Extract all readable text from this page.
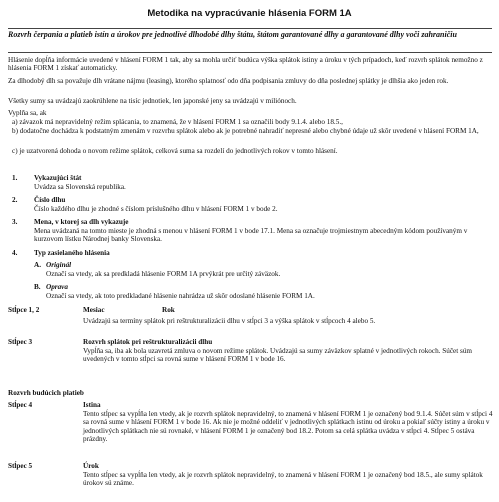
Metodika na vypracúvanie hlásenia FORM 1A
Rozvrh čerpania a platieb istín a úrokov pre jednotlivé dlhodobé dlhy štátu, štátom garantované dlhy a garantované dlhy voči zahraničiu
Hlásenie dopĺňa informácie uvedené v hlásení FORM 1 tak, aby sa mohla určiť budúca výška splátok istiny a úroku v tých prípadoch, keď rozvrh splátok nemožno z hlásenia FORM 1 získať automaticky.
Za dlhodobý dlh sa považuje dlh vrátane nájmu (leasing), ktorého splatnosť odo dňa podpisania zmluvy do dňa poslednej splátky je dlhšia ako jeden rok.
Všetky sumy sa uvádzajú zaokrúhlene na tisíc jednotiek, len japonské jeny sa uvádzajú v miliónoch.
Vyplňa sa, ak
a) závazok má nepravidelný režim splácania, to znamená, že v hlásení FORM 1 sa označili body 9.1.4. alebo 18.5.,
b) dodatočne dochádza k podstatným zmenám v rozvrhu splátok alebo ak je potrebné nahradiť nepresné alebo chybné údaje už skôr uvedené v hlásení FORM 1A,
c) je uzatvorená dohoda o novom režime splátok, celková suma sa rozdelí do jednotlivých rokov v tomto hlásení.
1. Vykazujúci štát
Uvádza sa Slovenská republika.
2. Číslo dlhu
Číslo každého dlhu je zhodné s číslom príslušného dlhu v hlásení FORM 1 v bode 2.
3. Mena, v ktorej sa dlh vykazuje
Mena uvádzaná na tomto mieste je zhodná s menou v hlásení FORM 1 v bode 17.1. Mena sa označuje trojmiestnym abecedným kódom používaným v kurzovom lístku Národnej banky Slovenska.
4. Typ zasielaného hlásenia
A. Originál
Označí sa vtedy, ak sa predkladá hlásenie FORM 1A prvýkrát pre určitý záväzok.
B. Oprava
Označí sa vtedy, ak toto predkladané hlásenie nahrádza už skôr odoslané hlásenie FORM 1A.
Stĺpce 1, 2	Mesiac	Rok
Uvádzajú sa termíny splátok pri reštrukturalizácii dlhu v stĺpci 3 a výška splátok v stĺpcoch 4 alebo 5.
Stĺpec 3	Rozvrh splátok pri reštrukturalizácii dlhu
Vypĺňa sa, iba ak bola uzavretá zmluva o novom režime splátok. Uvádzajú sa sumy záväzkov splatné v jednotlivých rokoch. Súčet súm uvedených v tomto stĺpci sa rovná sume v hlásení FORM 1 v bode 16.
Rozvrh budúcich platieb
Stĺpec 4	Istina
Tento stĺpec sa vypĺňa len vtedy, ak je rozvrh splátok nepravidelný, to znamená v hlásení FORM 1 je označený bod 9.1.4. Súčet súm v stĺpci 4 sa rovná sume v hlásení FORM 1 v bode 16. Ak nie je možné oddeliť v jednotlivých splátkach istinu od úroku a pokiaľ súčty istiny a úroku v jednotlivých splátkach nie sú rovnaké, v hlásení FORM 1 je označený bod 18.2. Potom sa celá splátka uvádza v stĺpci 4. Stĺpec 5 ostáva prázdny.
Stĺpec 5	Úrok
Tento stĺpec sa vypĺňa len vtedy, ak je rozvrh splátok nepravidelný, to znamená v hlásení FORM 1 je označený bod 18.5., ale sumy splátok úrokov sú známe.
